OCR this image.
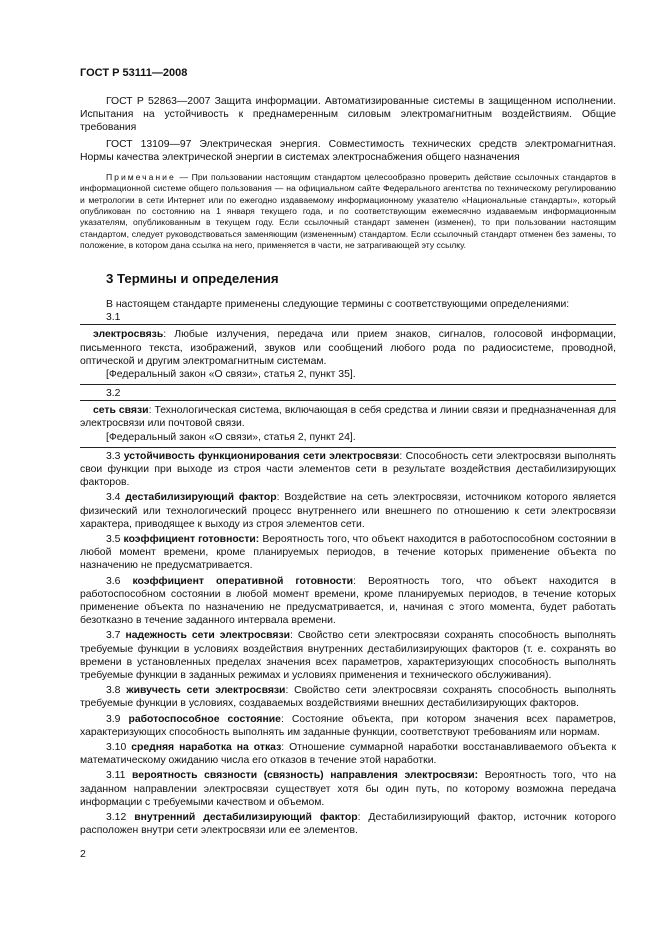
ГОСТ Р 53111—2008

ГОСТ Р 52863—2007 Защита информации. Автоматизированные системы в защищенном исполнении. Испытания на устойчивость к преднамеренным силовым электромагнитным воздействиям. Общие требования

ГОСТ 13109—97 Электрическая энергия. Совместимость технических средств электромагнитная. Нормы качества электрической энергии в системах электроснабжения общего назначения

Примечание — При пользовании настоящим стандартом целесообразно проверить действие ссылочных стандартов в информационной системе общего пользования — на официальном сайте Федерального агентства по техническому регулированию и метрологии в сети Интернет или по ежегодно издаваемому информационному указателю «Национальные стандарты», который опубликован по состоянию на 1 января текущего года, и по соответствующим ежемесячно издаваемым информационным указателям, опубликованным в текущем году. Если ссылочный стандарт заменен (изменен), то при пользовании настоящим стандартом, следует руководствоваться заменяющим (измененным) стандартом. Если ссылочный стандарт отменен без замены, то положение, в котором дана ссылка на него, применяется в части, не затрагивающей эту ссылку.

3 Термины и определения

В настоящем стандарте применены следующие термины с соответствующими определениями:

3.1

электросвязь: Любые излучения, передача или прием знаков, сигналов, голосовой информации, письменного текста, изображений, звуков или сообщений любого рода по радиосистеме, проводной, оптической и другим электромагнитным системам.

[Федеральный закон «О связи», статья 2, пункт 35].

3.2

сеть связи: Технологическая система, включающая в себя средства и линии связи и предназначенная для электросвязи или почтовой связи.

[Федеральный закон «О связи», статья 2, пункт 24].

3.3 устойчивость функционирования сети электросвязи: Способность сети электросвязи выполнять свои функции при выходе из строя части элементов сети в результате воздействия дестабилизирующих факторов.

3.4 дестабилизирующий фактор: Воздействие на сеть электросвязи, источником которого является физический или технологический процесс внутреннего или внешнего по отношению к сети электросвязи характера, приводящее к выходу из строя элементов сети.

3.5 коэффициент готовности: Вероятность того, что объект находится в работоспособном состоянии в любой момент времени, кроме планируемых периодов, в течение которых применение объекта по назначению не предусматривается.

3.6 коэффициент оперативной готовности: Вероятность того, что объект находится в работоспособном состоянии в любой момент времени, кроме планируемых периодов, в течение которых применение объекта по назначению не предусматривается, и, начиная с этого момента, будет работать безотказно в течение заданного интервала времени.

3.7 надежность сети электросвязи: Свойство сети электросвязи сохранять способность выполнять требуемые функции в условиях воздействия внутренних дестабилизирующих факторов (т. е. сохранять во времени в установленных пределах значения всех параметров, характеризующих способность выполнять требуемые функции в заданных режимах и условиях применения и технического обслуживания).

3.8 живучесть сети электросвязи: Свойство сети электросвязи сохранять способность выполнять требуемые функции в условиях, создаваемых воздействиями внешних дестабилизирующих факторов.

3.9 работоспособное состояние: Состояние объекта, при котором значения всех параметров, характеризующих способность выполнять им заданные функции, соответствуют требованиям или нормам.

3.10 средняя наработка на отказ: Отношение суммарной наработки восстанавливаемого объекта к математическому ожиданию числа его отказов в течение этой наработки.

3.11 вероятность связности (связность) направления электросвязи: Вероятность того, что на заданном направлении электросвязи существует хотя бы один путь, по которому возможна передача информации с требуемыми качеством и объемом.

3.12 внутренний дестабилизирующий фактор: Дестабилизирующий фактор, источник которого расположен внутри сети электросвязи или ее элементов.

2
